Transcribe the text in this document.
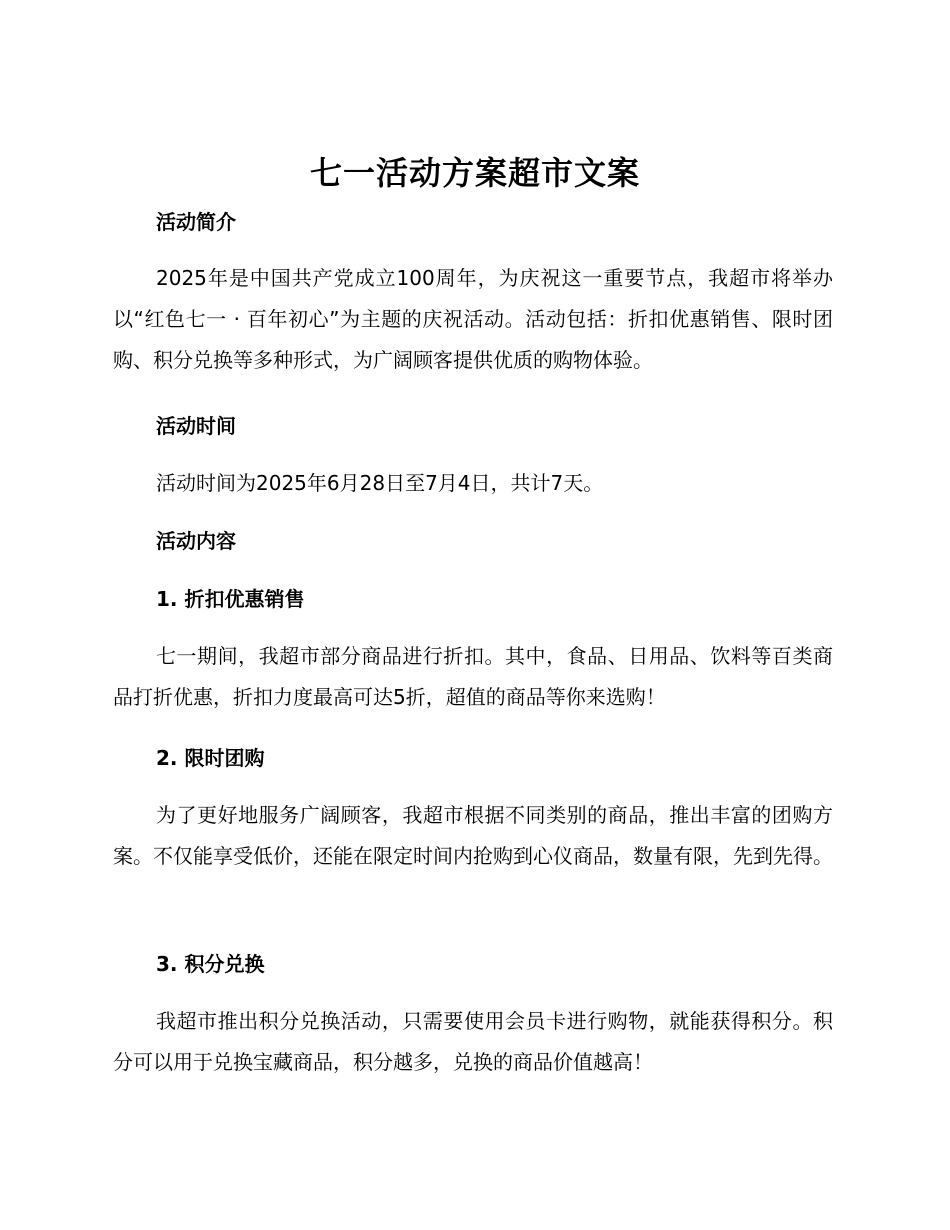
七一活动方案超市文案
活动简介

2025年是中国共产党成立100周年，为庆祝这一重要节点，我超市将举办以“红色七一 · 百年初心”为主题的庆祝活动。活动包括：折扣优惠销售、限时团购、积分兑换等多种形式，为广阔顾客提供优质的购物体验。

活动时间

活动时间为2025年6月28日至7月4日，共计7天。

活动内容
1. 折扣优惠销售

七一期间，我超市部分商品进行折扣。其中，食品、日用品、饮料等百类商品打折优惠，折扣力度最高可达5折，超值的商品等你来选购！

2. 限时团购

为了更好地服务广阔顾客，我超市根据不同类别的商品，推出丰富的团购方案。不仅能享受低价，还能在限定时间内抢购到心仪商品，数量有限，先到先得。

3. 积分兑换

我超市推出积分兑换活动，只需要使用会员卡进行购物，就能获得积分。积分可以用于兑换宝藏商品，积分越多，兑换的商品价值越高！
